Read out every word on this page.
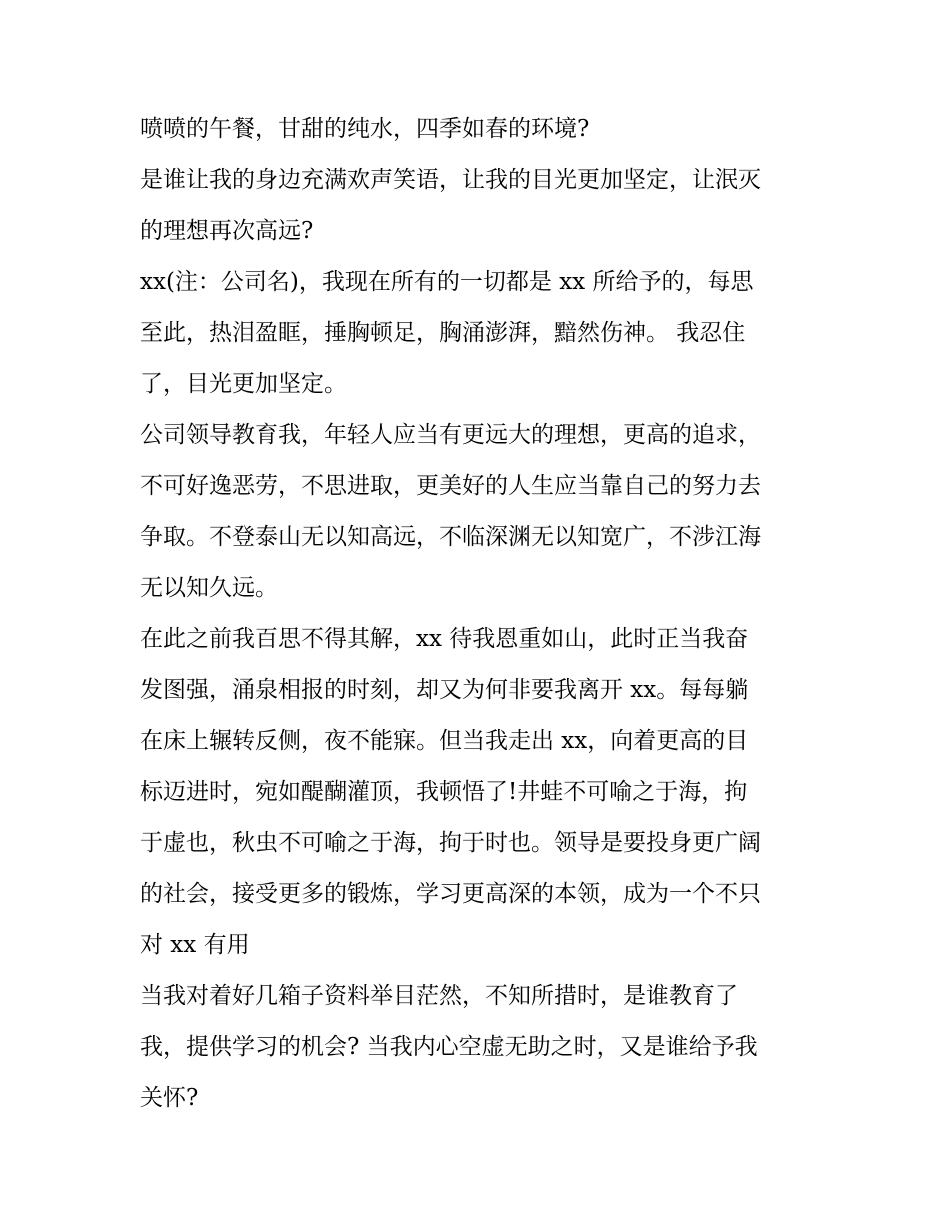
喷喷的午餐，甘甜的纯水，四季如春的环境?
是谁让我的身边充满欢声笑语，让我的目光更加坚定，让泯灭
的理想再次高远?
xx(注：公司名)，我现在所有的一切都是 xx 所给予的，每思
至此，热泪盈眶，捶胸顿足，胸涌澎湃，黯然伤神。 我忍住
了，目光更加坚定。
公司领导教育我，年轻人应当有更远大的理想，更高的追求，
不可好逸恶劳，不思进取，更美好的人生应当靠自己的努力去
争取。不登泰山无以知高远，不临深渊无以知宽广，不涉江海
无以知久远。
在此之前我百思不得其解，xx 待我恩重如山，此时正当我奋
发图强，涌泉相报的时刻，却又为何非要我离开 xx。每每躺
在床上辗转反侧，夜不能寐。但当我走出 xx，向着更高的目
标迈进时，宛如醍醐灌顶，我顿悟了!井蛙不可喻之于海，拘
于虚也，秋虫不可喻之于海，拘于时也。领导是要投身更广阔
的社会，接受更多的锻炼，学习更高深的本领，成为一个不只
对 xx 有用
当我对着好几箱子资料举目茫然，不知所措时，是谁教育了
我，提供学习的机会? 当我内心空虚无助之时，又是谁给予我
关怀?
